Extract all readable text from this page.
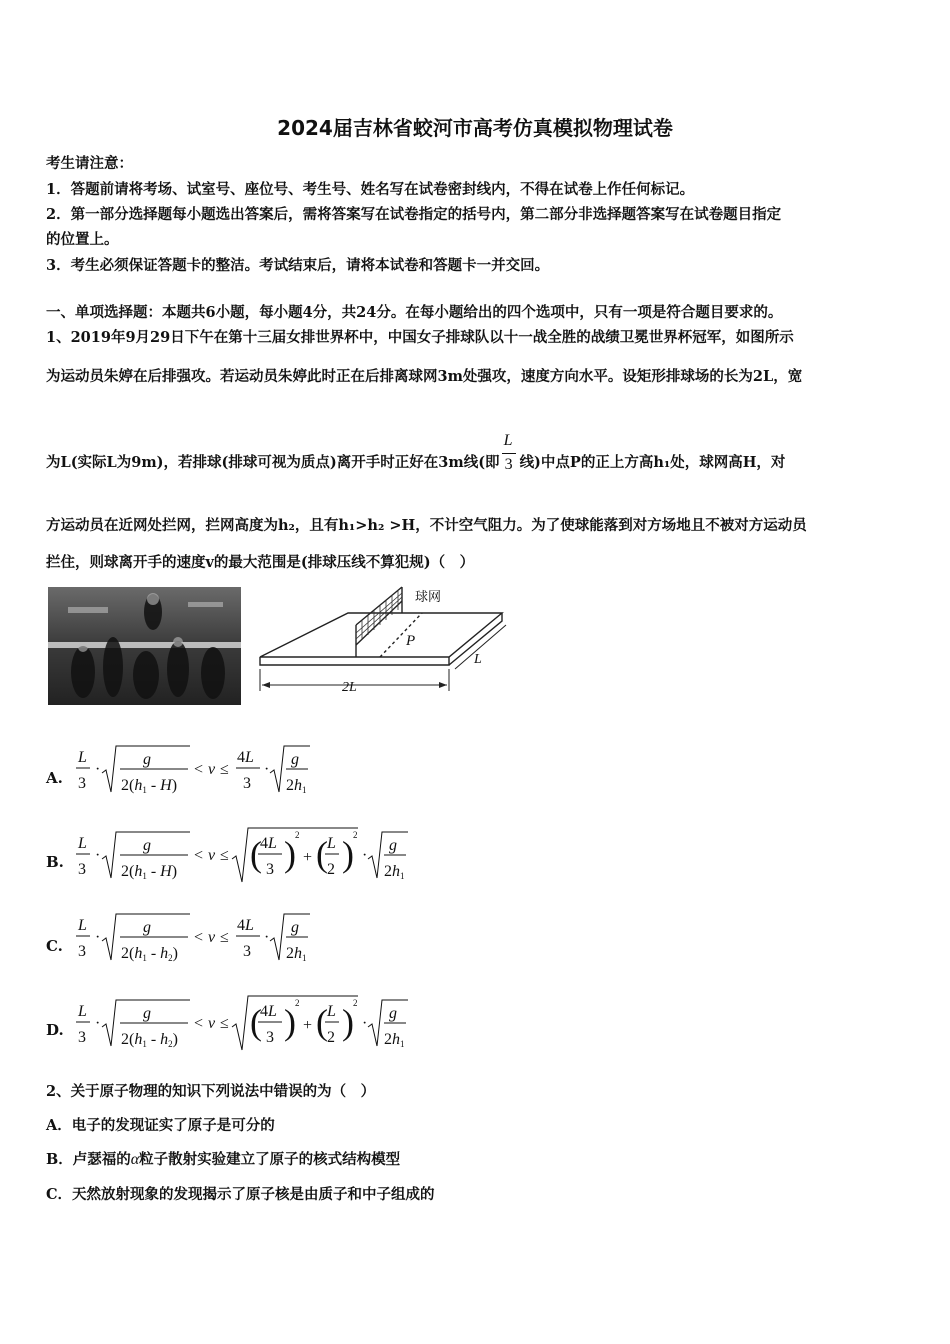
2024届吉林省蛟河市高考仿真模拟物理试卷
考生请注意：
1．答题前请将考场、试室号、座位号、考生号、姓名写在试卷密封线内，不得在试卷上作任何标记。
2．第一部分选择题每小题选出答案后，需将答案写在试卷指定的括号内，第二部分非选择题答案写在试卷题目指定
的位置上。
3．考生必须保证答题卡的整洁。考试结束后，请将本试卷和答题卡一并交回。
一、单项选择题：本题共6小题，每小题4分，共24分。在每小题给出的四个选项中，只有一项是符合题目要求的。
1、2019年9月29日下午在第十三届女排世界杯中，中国女子排球队以十一战全胜的战绩卫冕世界杯冠军，如图所示
为运动员朱婷在后排强攻。若运动员朱婷此时正在后排离球网3m处强攻，速度方向水平。设矩形排球场的长为2L，宽
为L(实际L为9m)，若排球(排球可视为质点)离开手时正好在3m线(即 $\frac{L}{3}$ 线)中点P的正上方高h₁处，球网高H，对
方运动员在近网处拦网，拦网高度为h₂，且有h₁>h₂ >H，不计空气阻力。为了使球能落到对方场地且不被对方运动员
拦住，则球离开手的速度v的最大范围是(排球压线不算犯规)（　）
球网
P
2L
L
A.
L
3
·
g
2(h1 - H)
< v ≤
4L
3
·
g
2h1
B.
L
3
·
g
2(h1 - H)
< v ≤ (
4L
3 ) 2
+ ( L
2 ) 2
·
g
2h1
C.
L
3
·
g
2(h1 - h2)
< v ≤
4L
3
·
g
2h1
D.
L
3
·
g
2(h1 - h2)
< v ≤ (
4L
3 ) 2
+ ( L
2 ) 2
·
g
2h1
2、关于原子物理的知识下列说法中错误的为（　）
A．电子的发现证实了原子是可分的
B．卢瑟福的α粒子散射实验建立了原子的核式结构模型
C．天然放射现象的发现揭示了原子核是由质子和中子组成的
